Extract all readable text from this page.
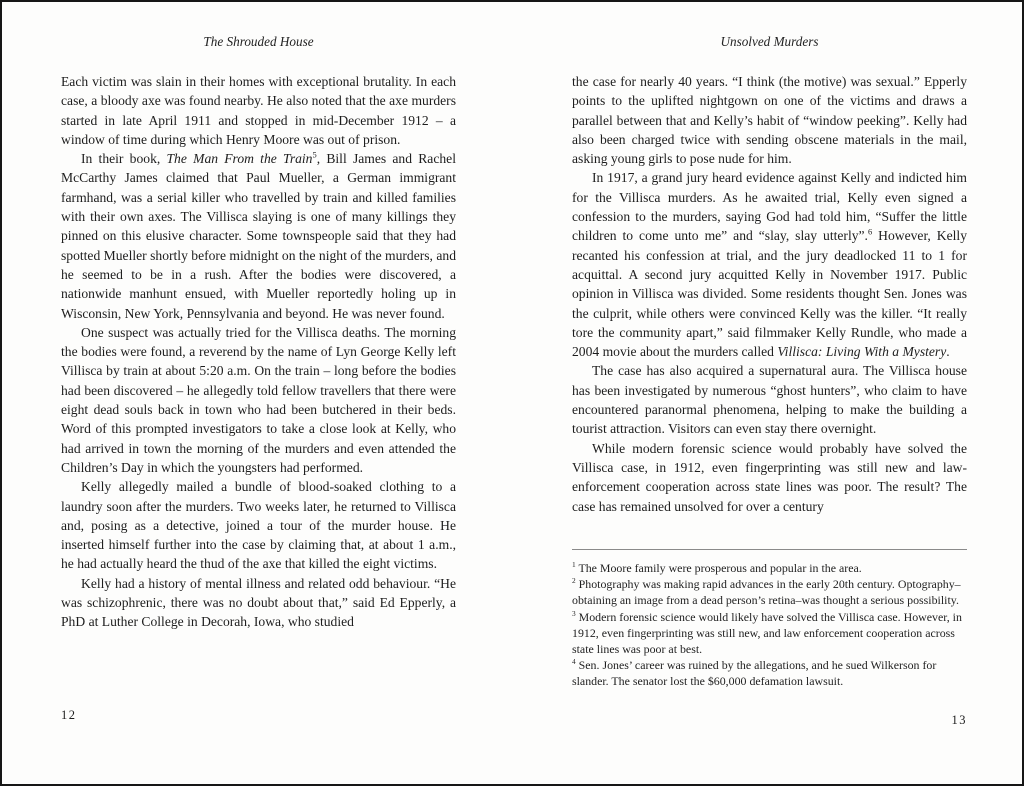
The Shrouded House

Each victim was slain in their homes with exceptional brutality. In each case, a bloody axe was found nearby. He also noted that the axe murders started in late April 1911 and stopped in mid-December 1912 – a window of time during which Henry Moore was out of prison.

In their book, The Man From the Train$^5$, Bill James and Rachel McCarthy James claimed that Paul Mueller, a German immigrant farmhand, was a serial killer who travelled by train and killed families with their own axes. The Villisca slaying is one of many killings they pinned on this elusive character. Some townspeople said that they had spotted Mueller shortly before midnight on the night of the murders, and he seemed to be in a rush. After the bodies were discovered, a nationwide manhunt ensued, with Mueller reportedly holing up in Wisconsin, New York, Pennsylvania and beyond. He was never found.

One suspect was actually tried for the Villisca deaths. The morning the bodies were found, a reverend by the name of Lyn George Kelly left Villisca by train at about 5:20 a.m. On the train – long before the bodies had been discovered – he allegedly told fellow travellers that there were eight dead souls back in town who had been butchered in their beds. Word of this prompted investigators to take a close look at Kelly, who had arrived in town the morning of the murders and even attended the Children’s Day in which the youngsters had performed.

Kelly allegedly mailed a bundle of blood-soaked clothing to a laundry soon after the murders. Two weeks later, he returned to Villisca and, posing as a detective, joined a tour of the murder house. He inserted himself further into the case by claiming that, at about 1 a.m., he had actually heard the thud of the axe that killed the eight victims.

Kelly had a history of mental illness and related odd behaviour. “He was schizophrenic, there was no doubt about that,” said Ed Epperly, a PhD at Luther College in Decorah, Iowa, who studied

Unsolved Murders

the case for nearly 40 years. “I think (the motive) was sexual.” Epperly points to the uplifted nightgown on one of the victims and draws a parallel between that and Kelly’s habit of “window peeking”. Kelly had also been charged twice with sending obscene materials in the mail, asking young girls to pose nude for him.

In 1917, a grand jury heard evidence against Kelly and indicted him for the Villisca murders. As he awaited trial, Kelly even signed a confession to the murders, saying God had told him, “Suffer the little children to come unto me” and “slay, slay utterly”.$^6$ However, Kelly recanted his confession at trial, and the jury deadlocked 11 to 1 for acquittal. A second jury acquitted Kelly in November 1917. Public opinion in Villisca was divided. Some residents thought Sen. Jones was the culprit, while others were convinced Kelly was the killer. “It really tore the community apart,” said filmmaker Kelly Rundle, who made a 2004 movie about the murders called Villisca: Living With a Mystery.

The case has also acquired a supernatural aura. The Villisca house has been investigated by numerous “ghost hunters”, who claim to have encountered paranormal phenomena, helping to make the building a tourist attraction. Visitors can even stay there overnight.

While modern forensic science would probably have solved the Villisca case, in 1912, even fingerprinting was still new and law-enforcement cooperation across state lines was poor. The result? The case has remained unsolved for over a century

$^1$ The Moore family were prosperous and popular in the area.

$^2$ Photography was making rapid advances in the early 20th century. Optography–obtaining an image from a dead person’s retina–was thought a serious possibility.

$^3$ Modern forensic science would likely have solved the Villisca case. However, in 1912, even fingerprinting was still new, and law enforcement cooperation across state lines was poor at best.

$^4$ Sen. Jones’ career was ruined by the allegations, and he sued Wilkerson for slander. The senator lost the $60,000 defamation lawsuit.

12	13
